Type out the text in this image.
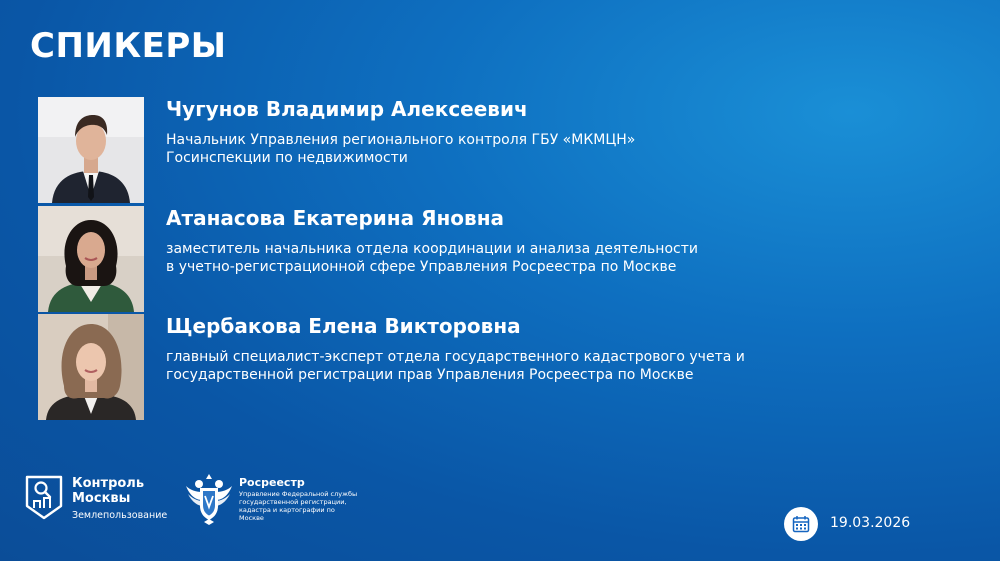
СПИКЕРЫ
Чугунов Владимир Алексеевич
Начальник Управления регионального контроля ГБУ «МКМЦН»
Госинспекции по недвижимости
Атанасова Екатерина Яновна
заместитель начальника отдела координации и анализа деятельности
в учетно-регистрационной сфере Управления Росреестра по Москве
Щербакова Елена Викторовна
главный специалист-эксперт отдела государственного кадастрового учета и
государственной регистрации прав Управления Росреестра по Москве
Контроль
Москвы
Землепользование
Росреестр
Управление Федеральной службы государственной регистрации, кадастра и картографии по Москве	19.03.2026
